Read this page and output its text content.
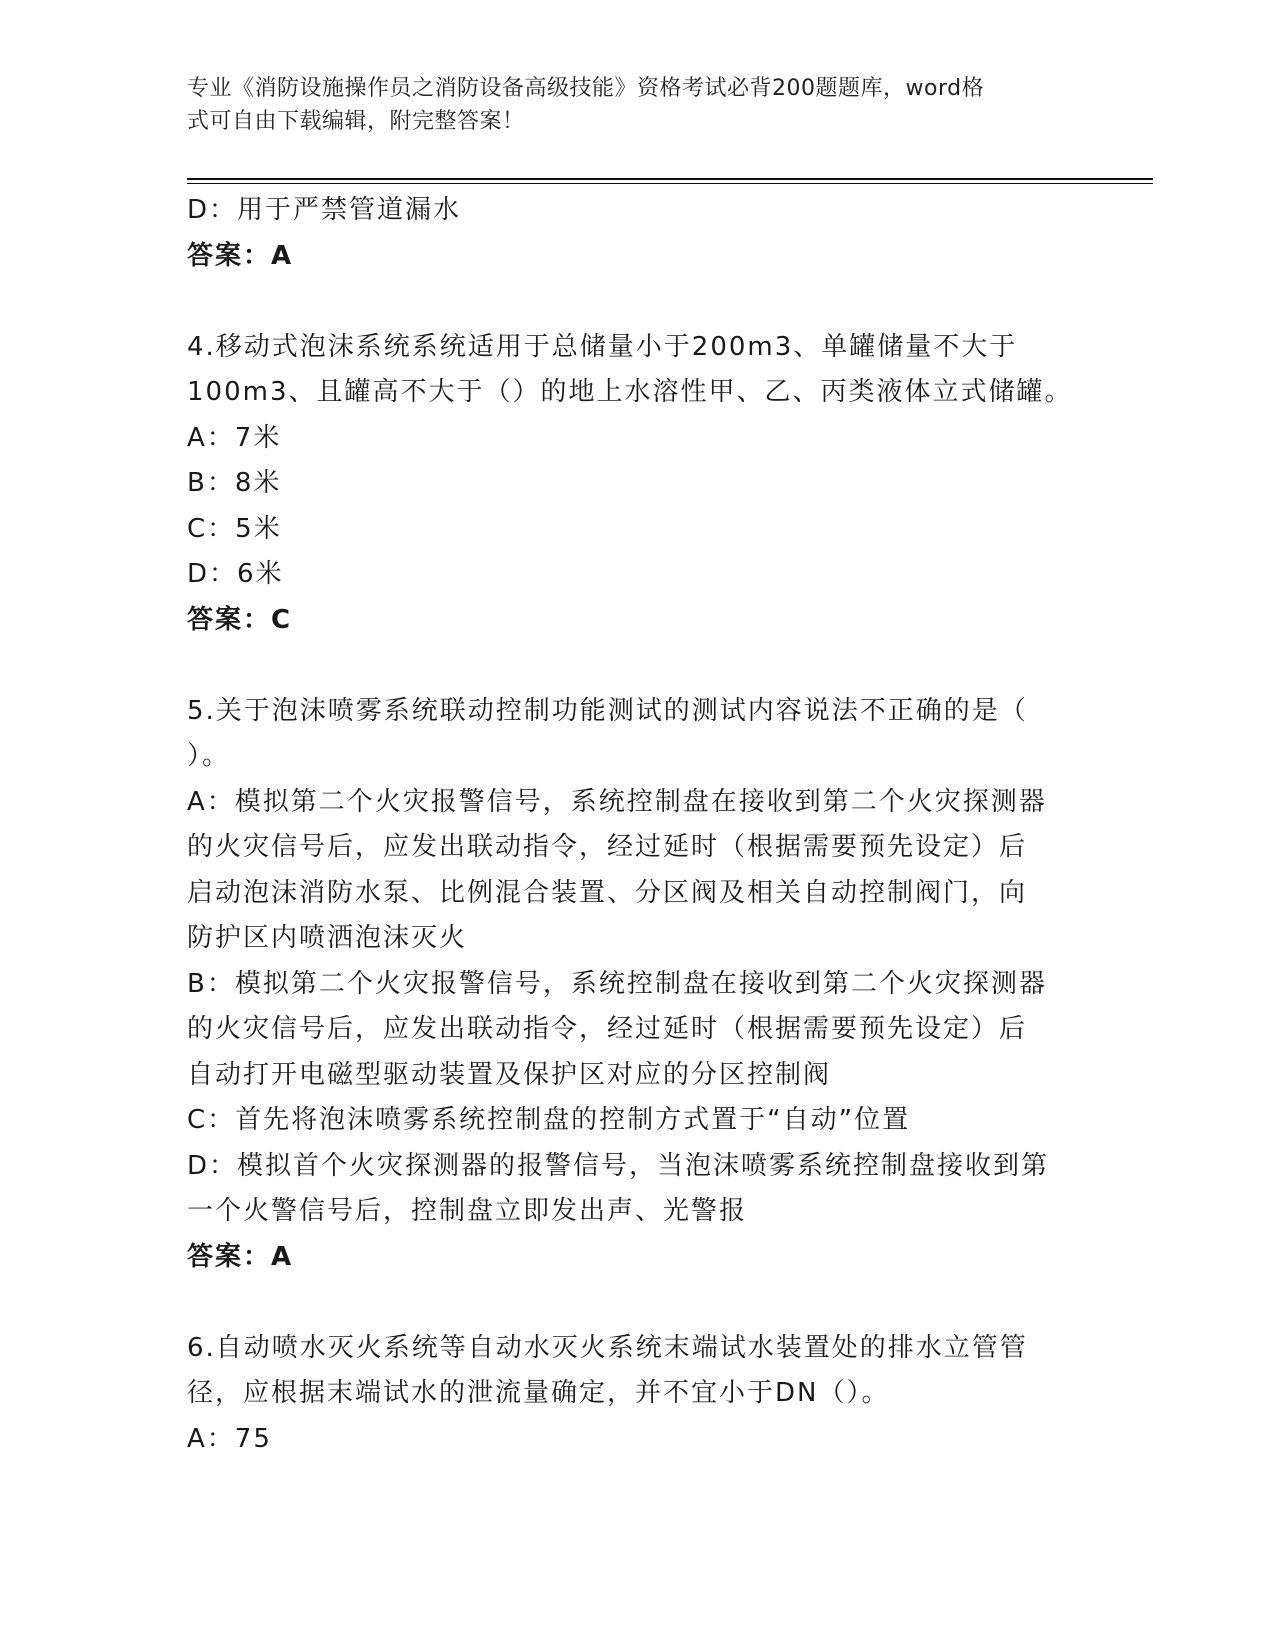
专业《消防设施操作员之消防设备高级技能》资格考试必背200题题库，word格
式可自由下载编辑，附完整答案！
D：用于严禁管道漏水
答案：A
4.移动式泡沫系统系统适用于总储量小于200m3、单罐储量不大于
100m3、且罐高不大于（）的地上水溶性甲、乙、丙类液体立式储罐。
A：7米
B：8米
C：5米
D：6米
答案：C
5.关于泡沫喷雾系统联动控制功能测试的测试内容说法不正确的是（
）。
A：模拟第二个火灾报警信号，系统控制盘在接收到第二个火灾探测器
的火灾信号后，应发出联动指令，经过延时（根据需要预先设定）后
启动泡沫消防水泵、比例混合装置、分区阀及相关自动控制阀门，向
防护区内喷洒泡沫灭火
B：模拟第二个火灾报警信号，系统控制盘在接收到第二个火灾探测器
的火灾信号后，应发出联动指令，经过延时（根据需要预先设定）后
自动打开电磁型驱动装置及保护区对应的分区控制阀
C：首先将泡沫喷雾系统控制盘的控制方式置于“自动”位置
D：模拟首个火灾探测器的报警信号，当泡沫喷雾系统控制盘接收到第
一个火警信号后，控制盘立即发出声、光警报
答案：A
6.自动喷水灭火系统等自动水灭火系统末端试水装置处的排水立管管
径，应根据末端试水的泄流量确定，并不宜小于DN（）。
A：75
